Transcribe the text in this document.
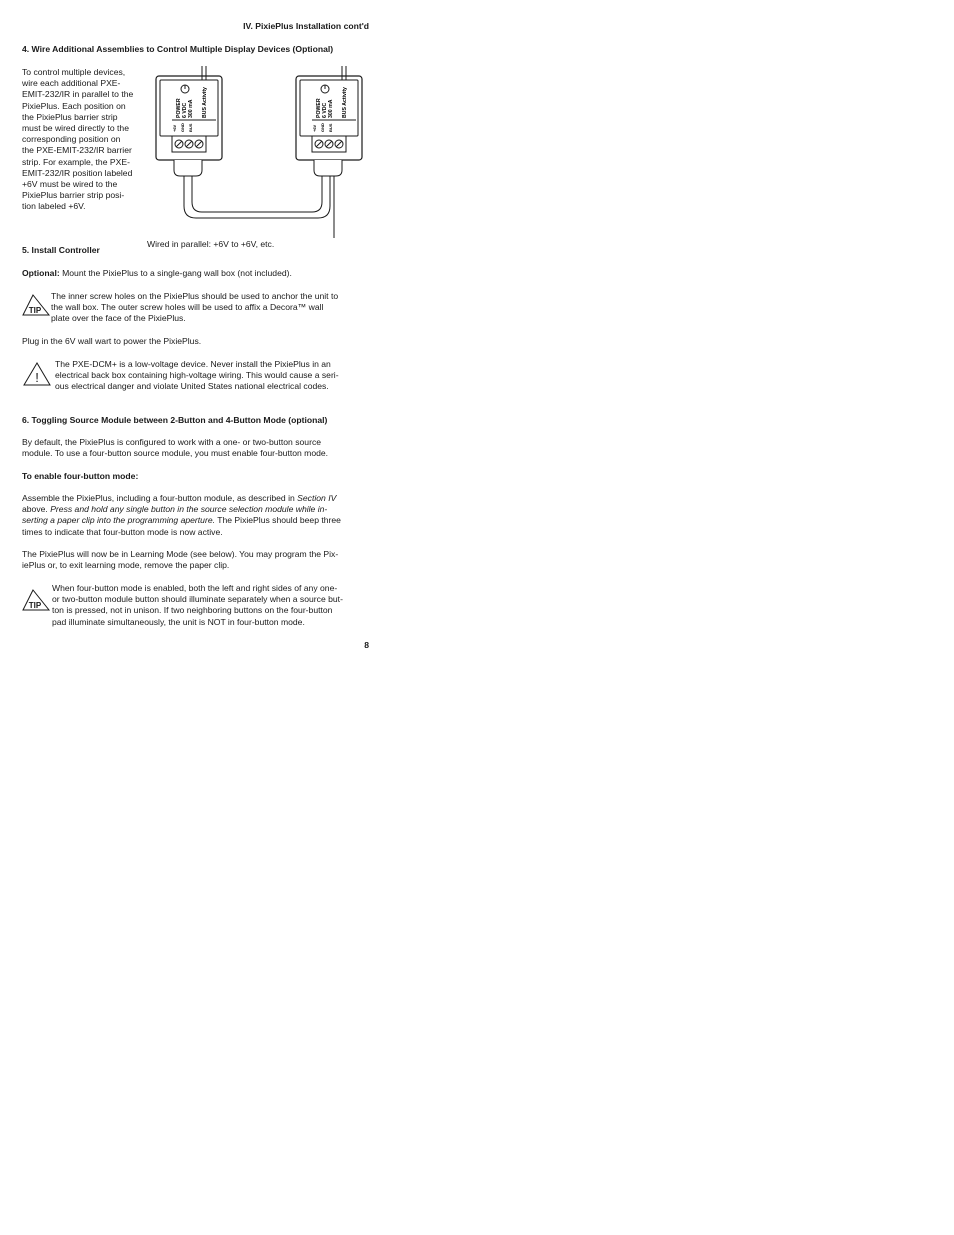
IV. PixiePlus Installation cont'd
4. Wire Additional Assemblies to Control Multiple Display Devices (Optional)

To control multiple devices,

wire each additional PXE-

EMIT-232/IR in parallel to the

PixiePlus. Each position on

the PixiePlus barrier strip

must be wired directly to the

corresponding position on

the PXE-EMIT-232/IR barrier

strip. For example, the PXE-

EMIT-232/IR position labeled

+6V must be wired to the

PixiePlus barrier strip posi-

tion labeled +6V.

POWER 6 VDC 300 mA BUS Activity
+6V GND BUS
POWER 6 VDC 300 mA BUS Activity
+6V GND BUS
Wired in parallel: +6V to +6V, etc.
5. Install Controller
Optional: Mount the PixiePlus to a single-gang wall box (not included).
TIP

The inner screw holes on the PixiePlus should be used to anchor the unit to

the wall box. The outer screw holes will be used to affix a Decora™ wall

plate over the face of the PixiePlus.

Plug in the 6V wall wart to power the PixiePlus.
!

The PXE-DCM+ is a low-voltage device. Never install the PixiePlus in an

electrical back box containing high-voltage wiring. This would cause a seri-

ous electrical danger and violate United States national electrical codes.

6. Toggling Source Module between 2-Button and 4-Button Mode (optional)

By default, the PixiePlus is configured to work with a one- or two-button source

module. To use a four-button source module, you must enable four-button mode.

To enable four-button mode:

Assemble the PixiePlus, including a four-button module, as described in Section IV

above. Press and hold any single button in the source selection module while in-

serting a paper clip into the programming aperture. The PixiePlus should beep three

times to indicate that four-button mode is now active.

The PixiePlus will now be in Learning Mode (see below). You may program the Pix-

iePlus or, to exit learning mode, remove the paper clip.

TIP

When four-button mode is enabled, both the left and right sides of any one-

or two-button module button should illuminate separately when a source but-

ton is pressed, not in unison. If two neighboring buttons on the four-button

pad illuminate simultaneously, the unit is NOT in four-button mode.

8
